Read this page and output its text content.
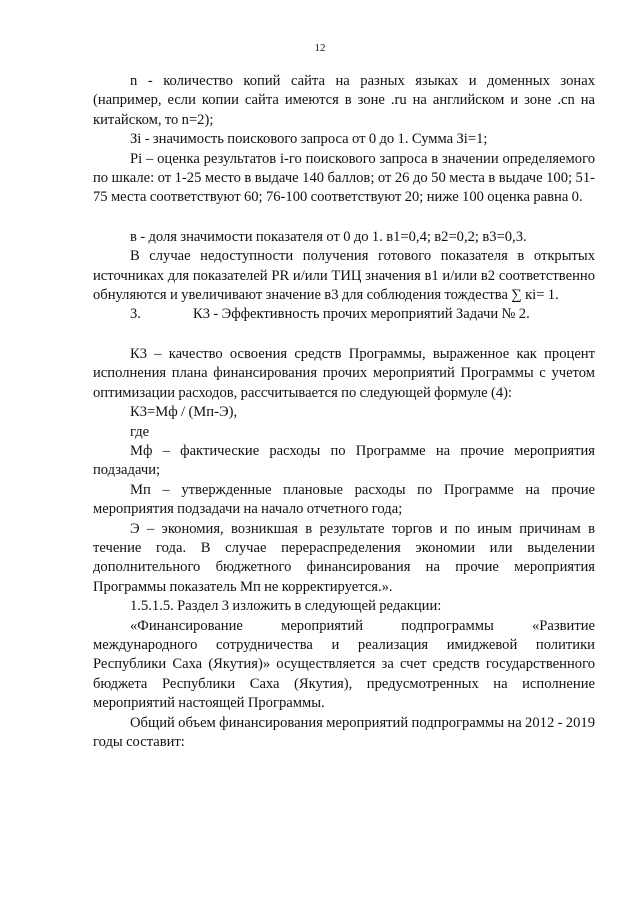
12

n - количество копий сайта на разных языках и доменных зонах (например, если копии сайта имеются в зоне .ru на английском и зоне .cn на китайском, то n=2);

Зi - значимость поискового запроса от 0 до 1. Сумма Зi=1;

Pi – оценка результатов i-го поискового запроса в значении определяемого по шкале: от 1-25 место в выдаче 140 баллов; от 26 до 50 места в выдаче 100; 51-75 места соответствуют 60; 76-100 соответствуют 20; ниже 100 оценка равна 0.

в - доля значимости показателя от 0 до 1. в1=0,4; в2=0,2; в3=0,3.

В случае недоступности получения готового показателя в открытых источниках для показателей PR и/или ТИЦ значения в1 и/или в2 соответственно обнуляются и увеличивают значение в3 для соблюдения тождества ∑ кi= 1.

3.	К3 - Эффективность прочих мероприятий Задачи № 2.

К3 – качество освоения средств Программы, выраженное как процент исполнения плана финансирования прочих мероприятий Программы с учетом оптимизации расходов, рассчитывается по следующей формуле (4):

К3=Мф / (Мп-Э),

где

Мф – фактические расходы по Программе на прочие мероприятия подзадачи;

Мп – утвержденные плановые расходы по Программе на прочие мероприятия подзадачи на начало отчетного года;

Э – экономия, возникшая в результате торгов и по иным причинам в течение года. В случае перераспределения экономии или выделении дополнительного бюджетного финансирования на прочие мероприятия Программы показатель Мп не корректируется.».

1.5.1.5. Раздел 3 изложить в следующей редакции:

«Финансирование мероприятий подпрограммы «Развитие международного сотрудничества и реализация имиджевой политики Республики Саха (Якутия)» осуществляется за счет средств государственного бюджета Республики Саха (Якутия), предусмотренных на исполнение мероприятий настоящей Программы.

Общий объем финансирования мероприятий подпрограммы на 2012 - 2019 годы составит:
